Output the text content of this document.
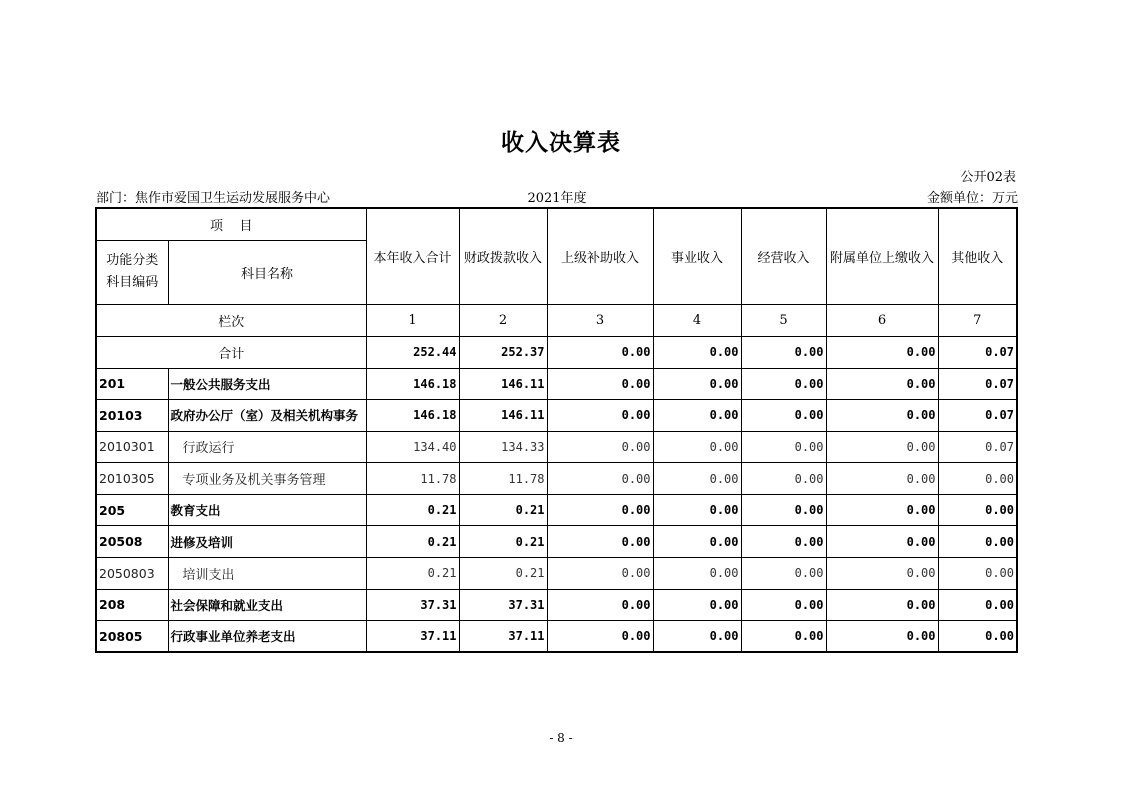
收入决算表
公开02表
部门：焦作市爱国卫生运动发展服务中心	2021年度	金额单位：万元
项    目		本年收入合计	财政拨款收入	上级补助收入	事业收入	经营收入	附属单位上缴收入	其他收入
功能分类
科目编码	科目名称							
栏次		1	2	3	4	5	6	7
合计		252.44	252.37	0.00	0.00	0.00	0.00	0.07
201	一般公共服务支出	146.18	146.11	0.00	0.00	0.00	0.00	0.07
20103	政府办公厅（室）及相关机构事务	146.18	146.11	0.00	0.00	0.00	0.00	0.07
2010301	行政运行	134.40	134.33	0.00	0.00	0.00	0.00	0.07
2010305	专项业务及机关事务管理	11.78	11.78	0.00	0.00	0.00	0.00	0.00
205	教育支出	0.21	0.21	0.00	0.00	0.00	0.00	0.00
20508	进修及培训	0.21	0.21	0.00	0.00	0.00	0.00	0.00
2050803	培训支出	0.21	0.21	0.00	0.00	0.00	0.00	0.00
208	社会保障和就业支出	37.31	37.31	0.00	0.00	0.00	0.00	0.00
20805	行政事业单位养老支出	37.11	37.11	0.00	0.00	0.00	0.00	0.00
- 8 -
